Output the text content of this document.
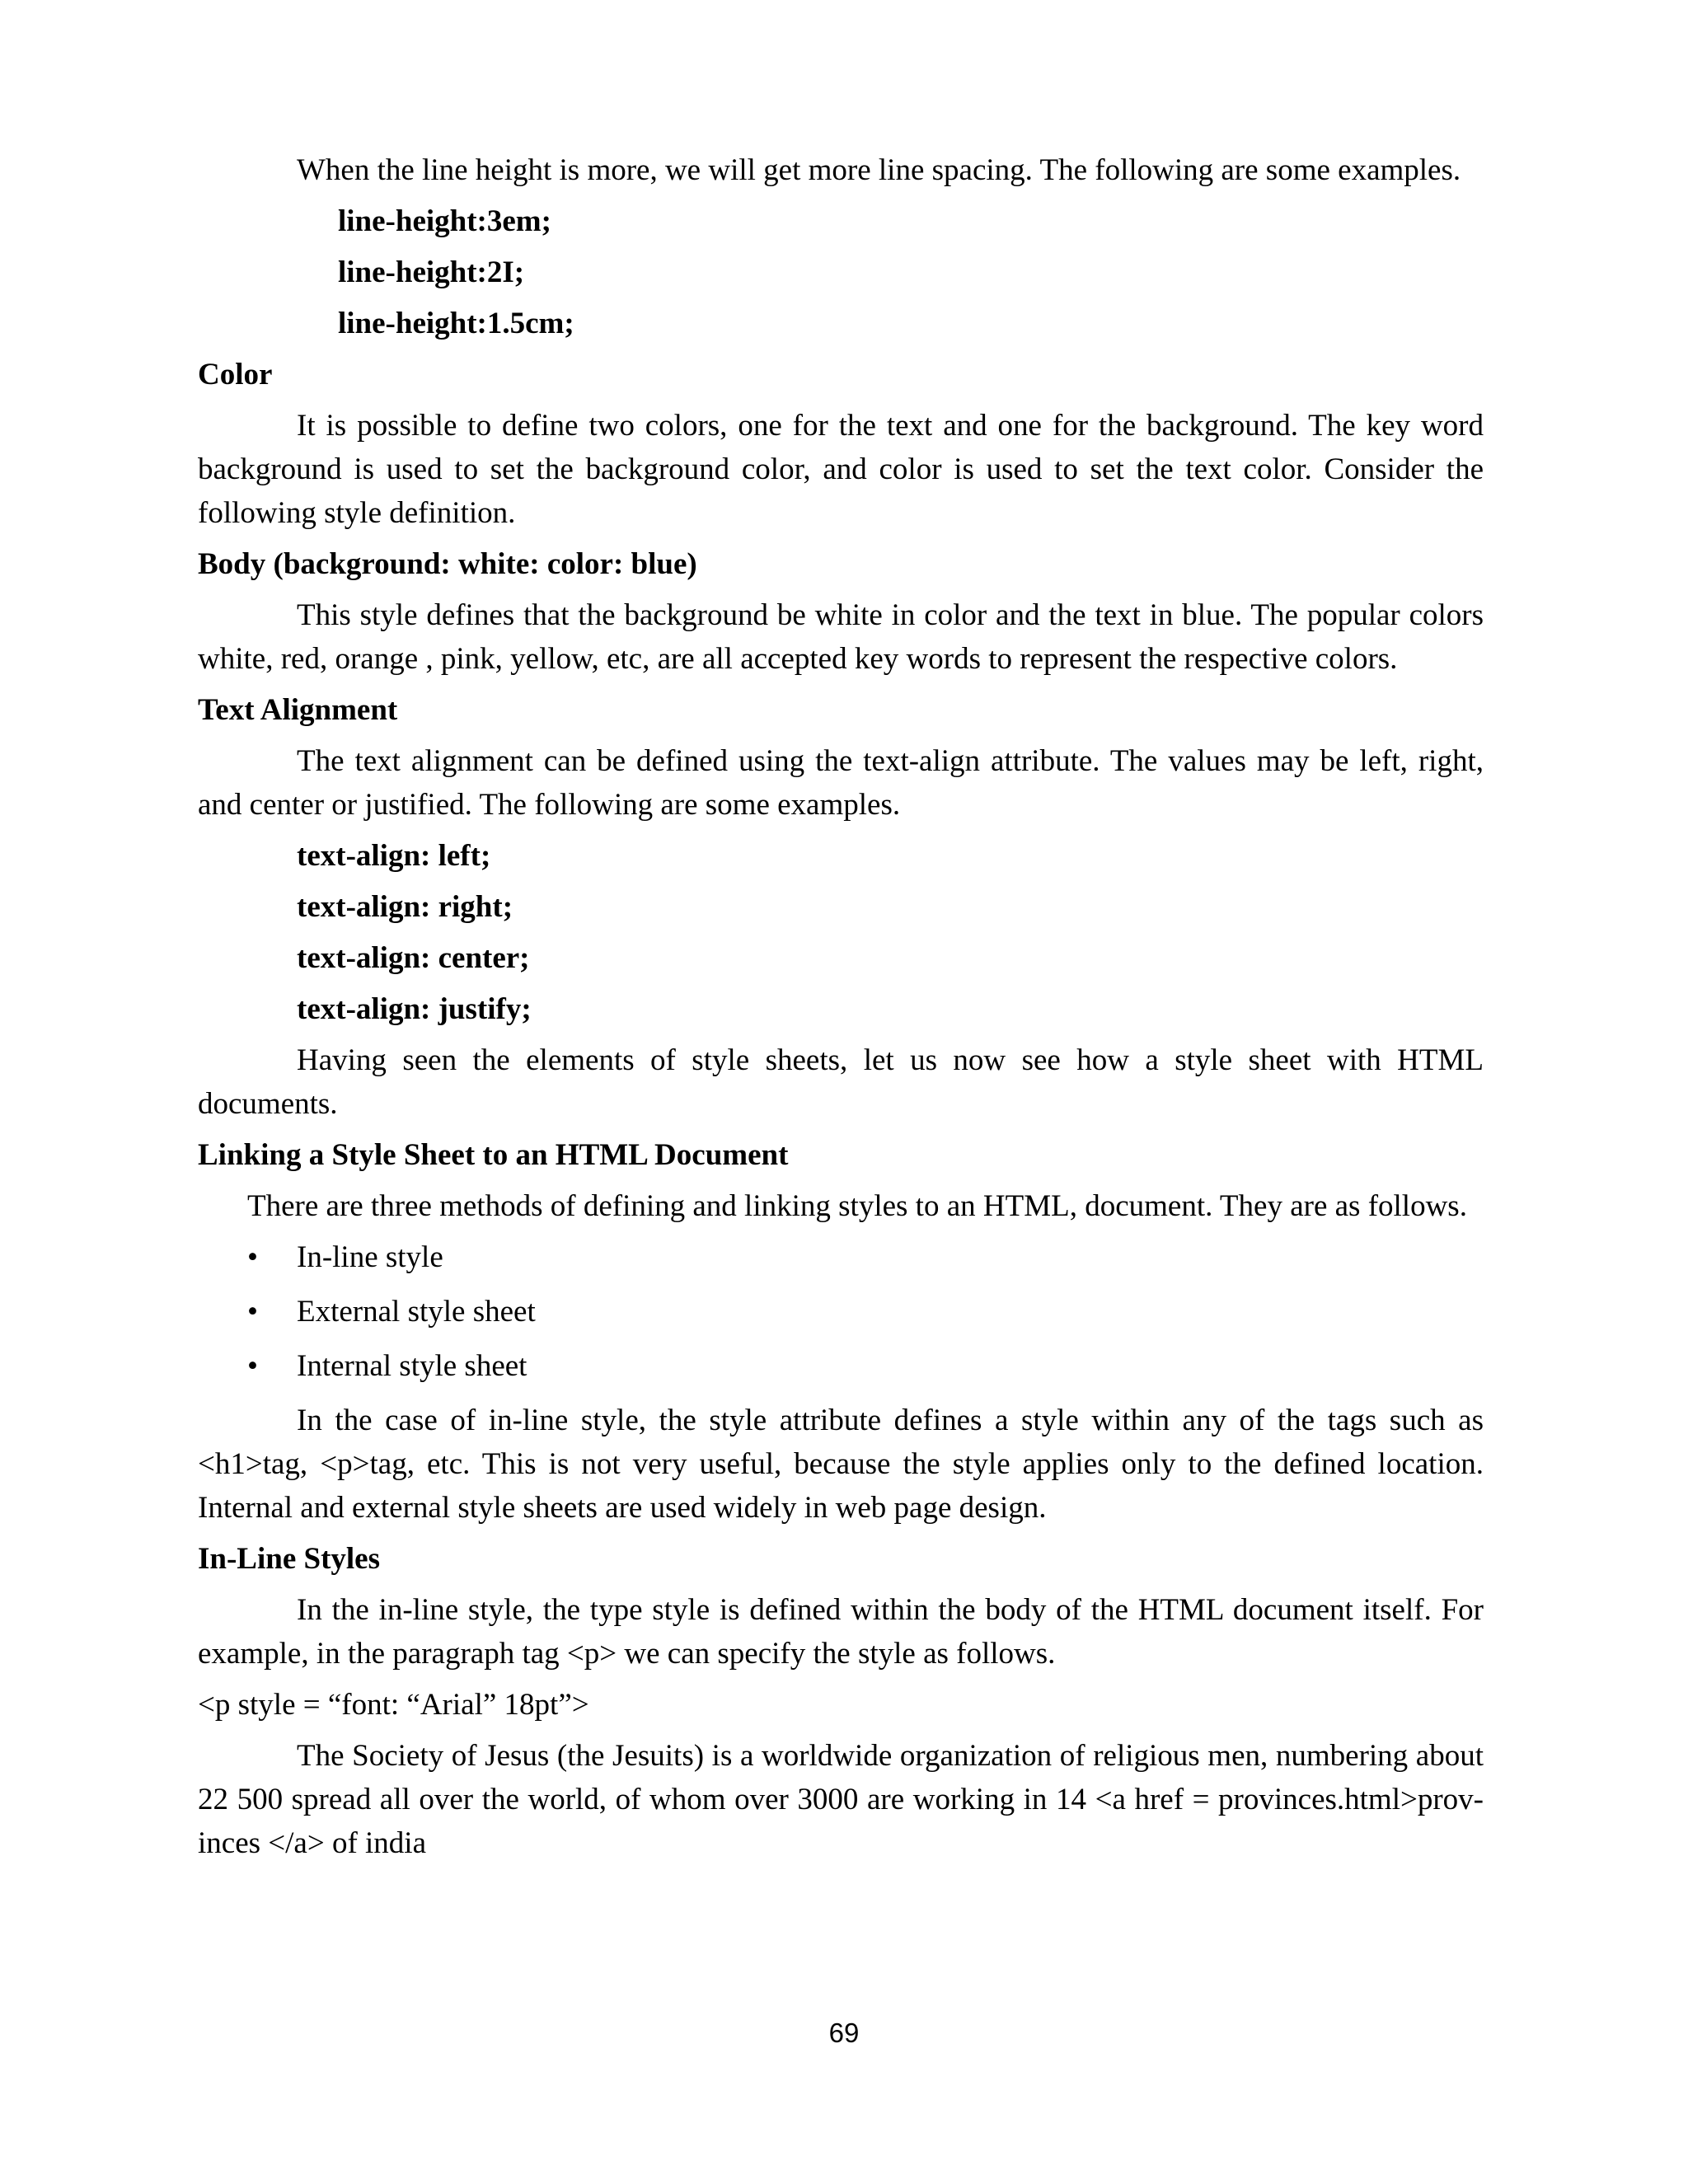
When the line height is more, we will get more line spacing. The following are some examples.

line-height:3em;
line-height:2I;
line-height:1.5cm;
Color

It is possible to define two colors, one for the text and one for the background. The key word background is used to set the background color, and color is used to set the text color. Consider the following style definition.

Body (background: white: color: blue)

This style defines that the background be white in color and the text in blue. The popular colors white, red, orange , pink, yellow, etc, are all accepted key words to represent the respective colors.

Text Alignment

The text alignment can be defined using the text-align attribute. The values may be left, right, and center or justified. The following are some examples.

text-align: left;
text-align: right;
text-align: center;
text-align: justify;

Having seen the elements of style sheets, let us now see how a style sheet with HTML documents.

Linking a Style Sheet to an HTML Document

There are three methods of defining and linking styles to an HTML, document. They are as follows.

• In-line style
• External style sheet
• Internal style sheet

In the case of in-line style, the style attribute defines a style within any of the tags such as <h1>tag, <p>tag, etc. This is not very useful, because the style applies only to the defined location. Internal and external style sheets are used widely in web page design.

In-Line Styles

In the in-line style, the type style is defined within the body of the HTML document itself. For example, in the paragraph tag <p> we can specify the style as follows.

<p style = “font: “Arial” 18pt”>

The Society of Jesus (the Jesuits) is a worldwide organization of religious men, numbering about 22 500 spread all over the world, of whom over 3000 are working in 14 <a href = provinces.html>prov-inces </a> of india

69
